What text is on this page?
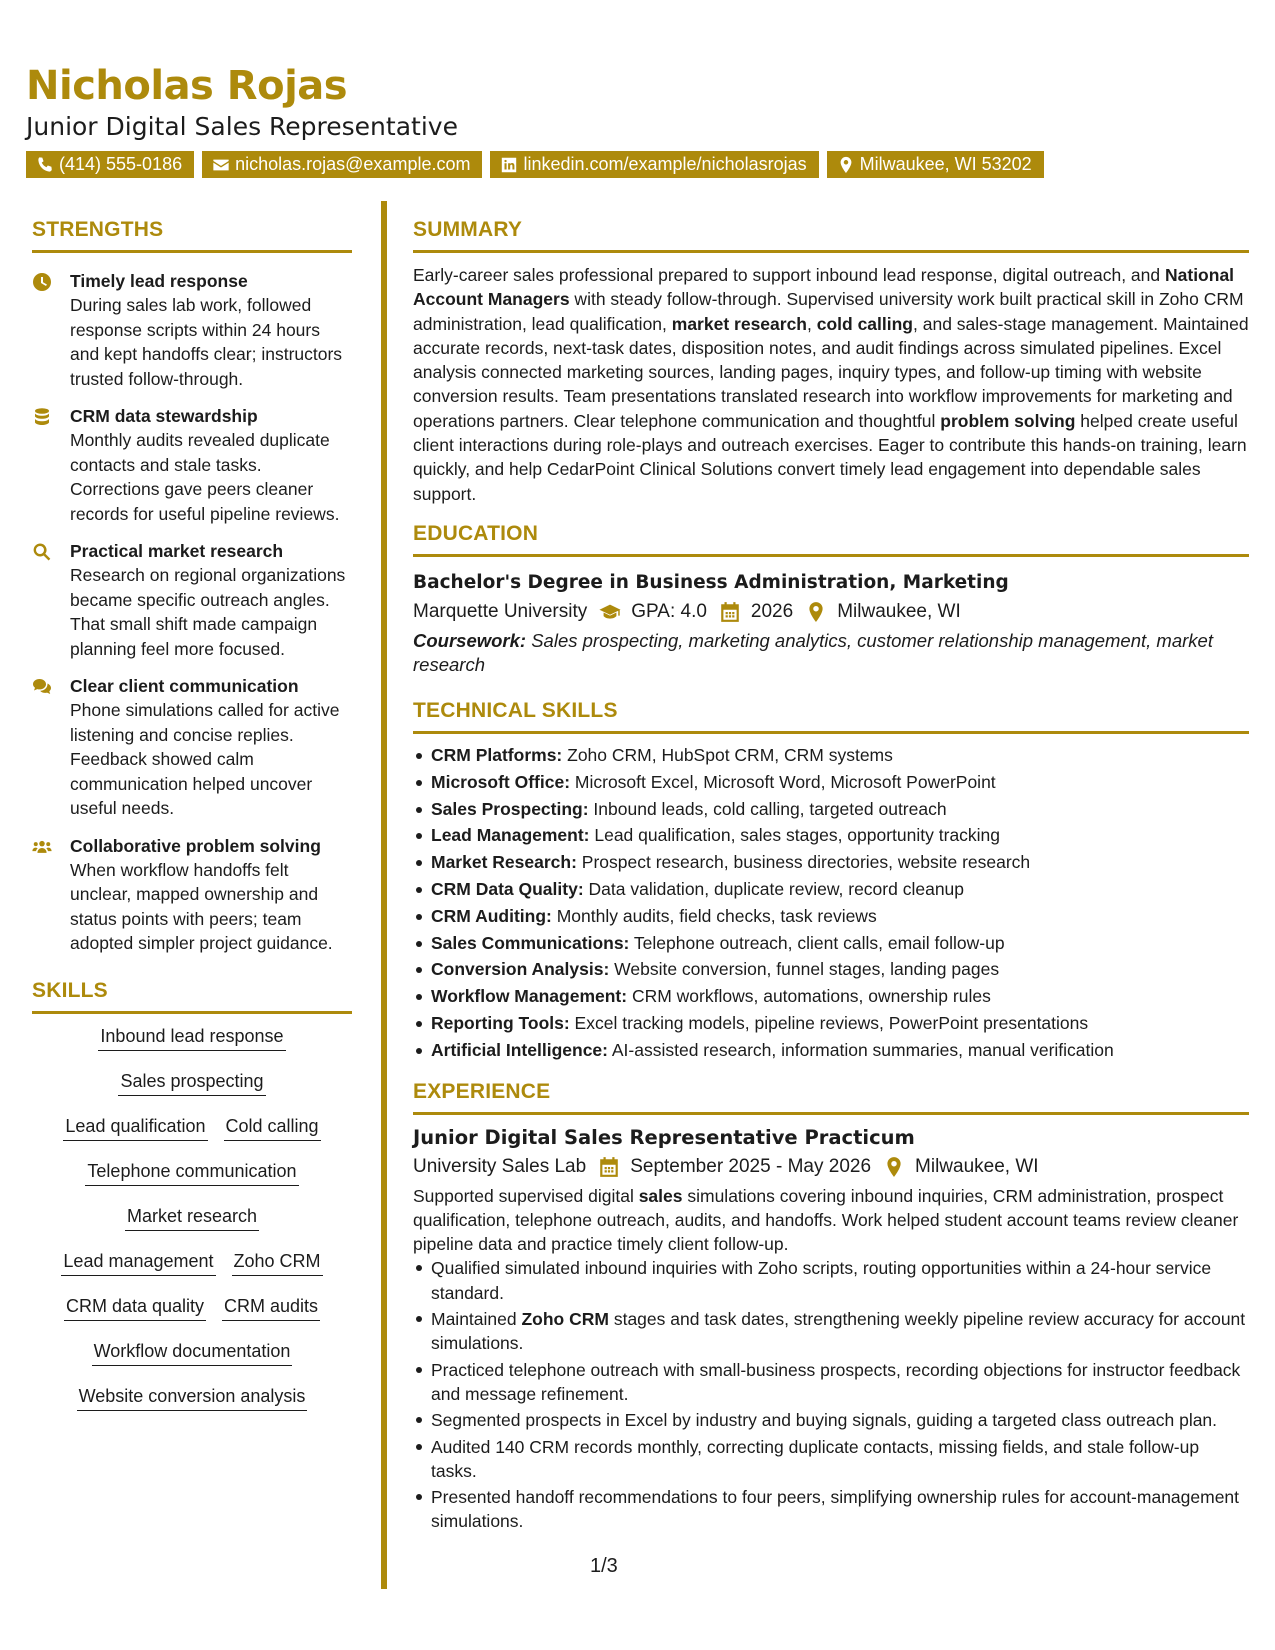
Nicholas Rojas
Junior Digital Sales Representative
(414) 555-0186	nicholas.rojas@example.com	linkedin.com/example/nicholasrojas	Milwaukee, WI 53202
STRENGTHS
Timely lead response
During sales lab work, followed response scripts within 24 hours and kept handoffs clear; instructors trusted follow-through.
CRM data stewardship
Monthly audits revealed duplicate contacts and stale tasks. Corrections gave peers cleaner records for useful pipeline reviews.
Practical market research
Research on regional organizations became specific outreach angles. That small shift made campaign planning feel more focused.
Clear client communication
Phone simulations called for active listening and concise replies. Feedback showed calm communication helped uncover useful needs.
Collaborative problem solving
When workflow handoffs felt unclear, mapped ownership and status points with peers; team adopted simpler project guidance.
SKILLS
Inbound lead response
Sales prospecting
Lead qualification Cold calling
Telephone communication
Market research
Lead management Zoho CRM
CRM data quality CRM audits
Workflow documentation
Website conversion analysis
SUMMARY

Early-career sales professional prepared to support inbound lead response, digital outreach, and National Account Managers with steady follow-through. Supervised university work built practical skill in Zoho CRM administration, lead qualification, market research, cold calling, and sales-stage management. Maintained accurate records, next-task dates, disposition notes, and audit findings across simulated pipelines. Excel analysis connected marketing sources, landing pages, inquiry types, and follow-up timing with website conversion results. Team presentations translated research into workflow improvements for marketing and operations partners. Clear telephone communication and thoughtful problem solving helped create useful client interactions during role-plays and outreach exercises. Eager to contribute this hands-on training, learn quickly, and help CedarPoint Clinical Solutions convert timely lead engagement into dependable sales support.

EDUCATION
Bachelor's Degree in Business Administration, Marketing
Marquette University GPA: 4.0 2026 Milwaukee, WI
Coursework: Sales prospecting, marketing analytics, customer relationship management, market research
TECHNICAL SKILLS
CRM Platforms: Zoho CRM, HubSpot CRM, CRM systems
Microsoft Office: Microsoft Excel, Microsoft Word, Microsoft PowerPoint
Sales Prospecting: Inbound leads, cold calling, targeted outreach
Lead Management: Lead qualification, sales stages, opportunity tracking
Market Research: Prospect research, business directories, website research
CRM Data Quality: Data validation, duplicate review, record cleanup
CRM Auditing: Monthly audits, field checks, task reviews
Sales Communications: Telephone outreach, client calls, email follow-up
Conversion Analysis: Website conversion, funnel stages, landing pages
Workflow Management: CRM workflows, automations, ownership rules
Reporting Tools: Excel tracking models, pipeline reviews, PowerPoint presentations
Artificial Intelligence: AI-assisted research, information summaries, manual verification
EXPERIENCE
Junior Digital Sales Representative Practicum
University Sales Lab September 2025 - May 2026 Milwaukee, WI

Supported supervised digital sales simulations covering inbound inquiries, CRM administration, prospect qualification, telephone outreach, audits, and handoffs. Work helped student account teams review cleaner pipeline data and practice timely client follow-up.

Qualified simulated inbound inquiries with Zoho scripts, routing opportunities within a 24-hour service standard.
Maintained Zoho CRM stages and task dates, strengthening weekly pipeline review accuracy for account simulations.
Practiced telephone outreach with small-business prospects, recording objections for instructor feedback and message refinement.
Segmented prospects in Excel by industry and buying signals, guiding a targeted class outreach plan.
Audited 140 CRM records monthly, correcting duplicate contacts, missing fields, and stale follow-up tasks.
Presented handoff recommendations to four peers, simplifying ownership rules for account-management simulations.
1/3
